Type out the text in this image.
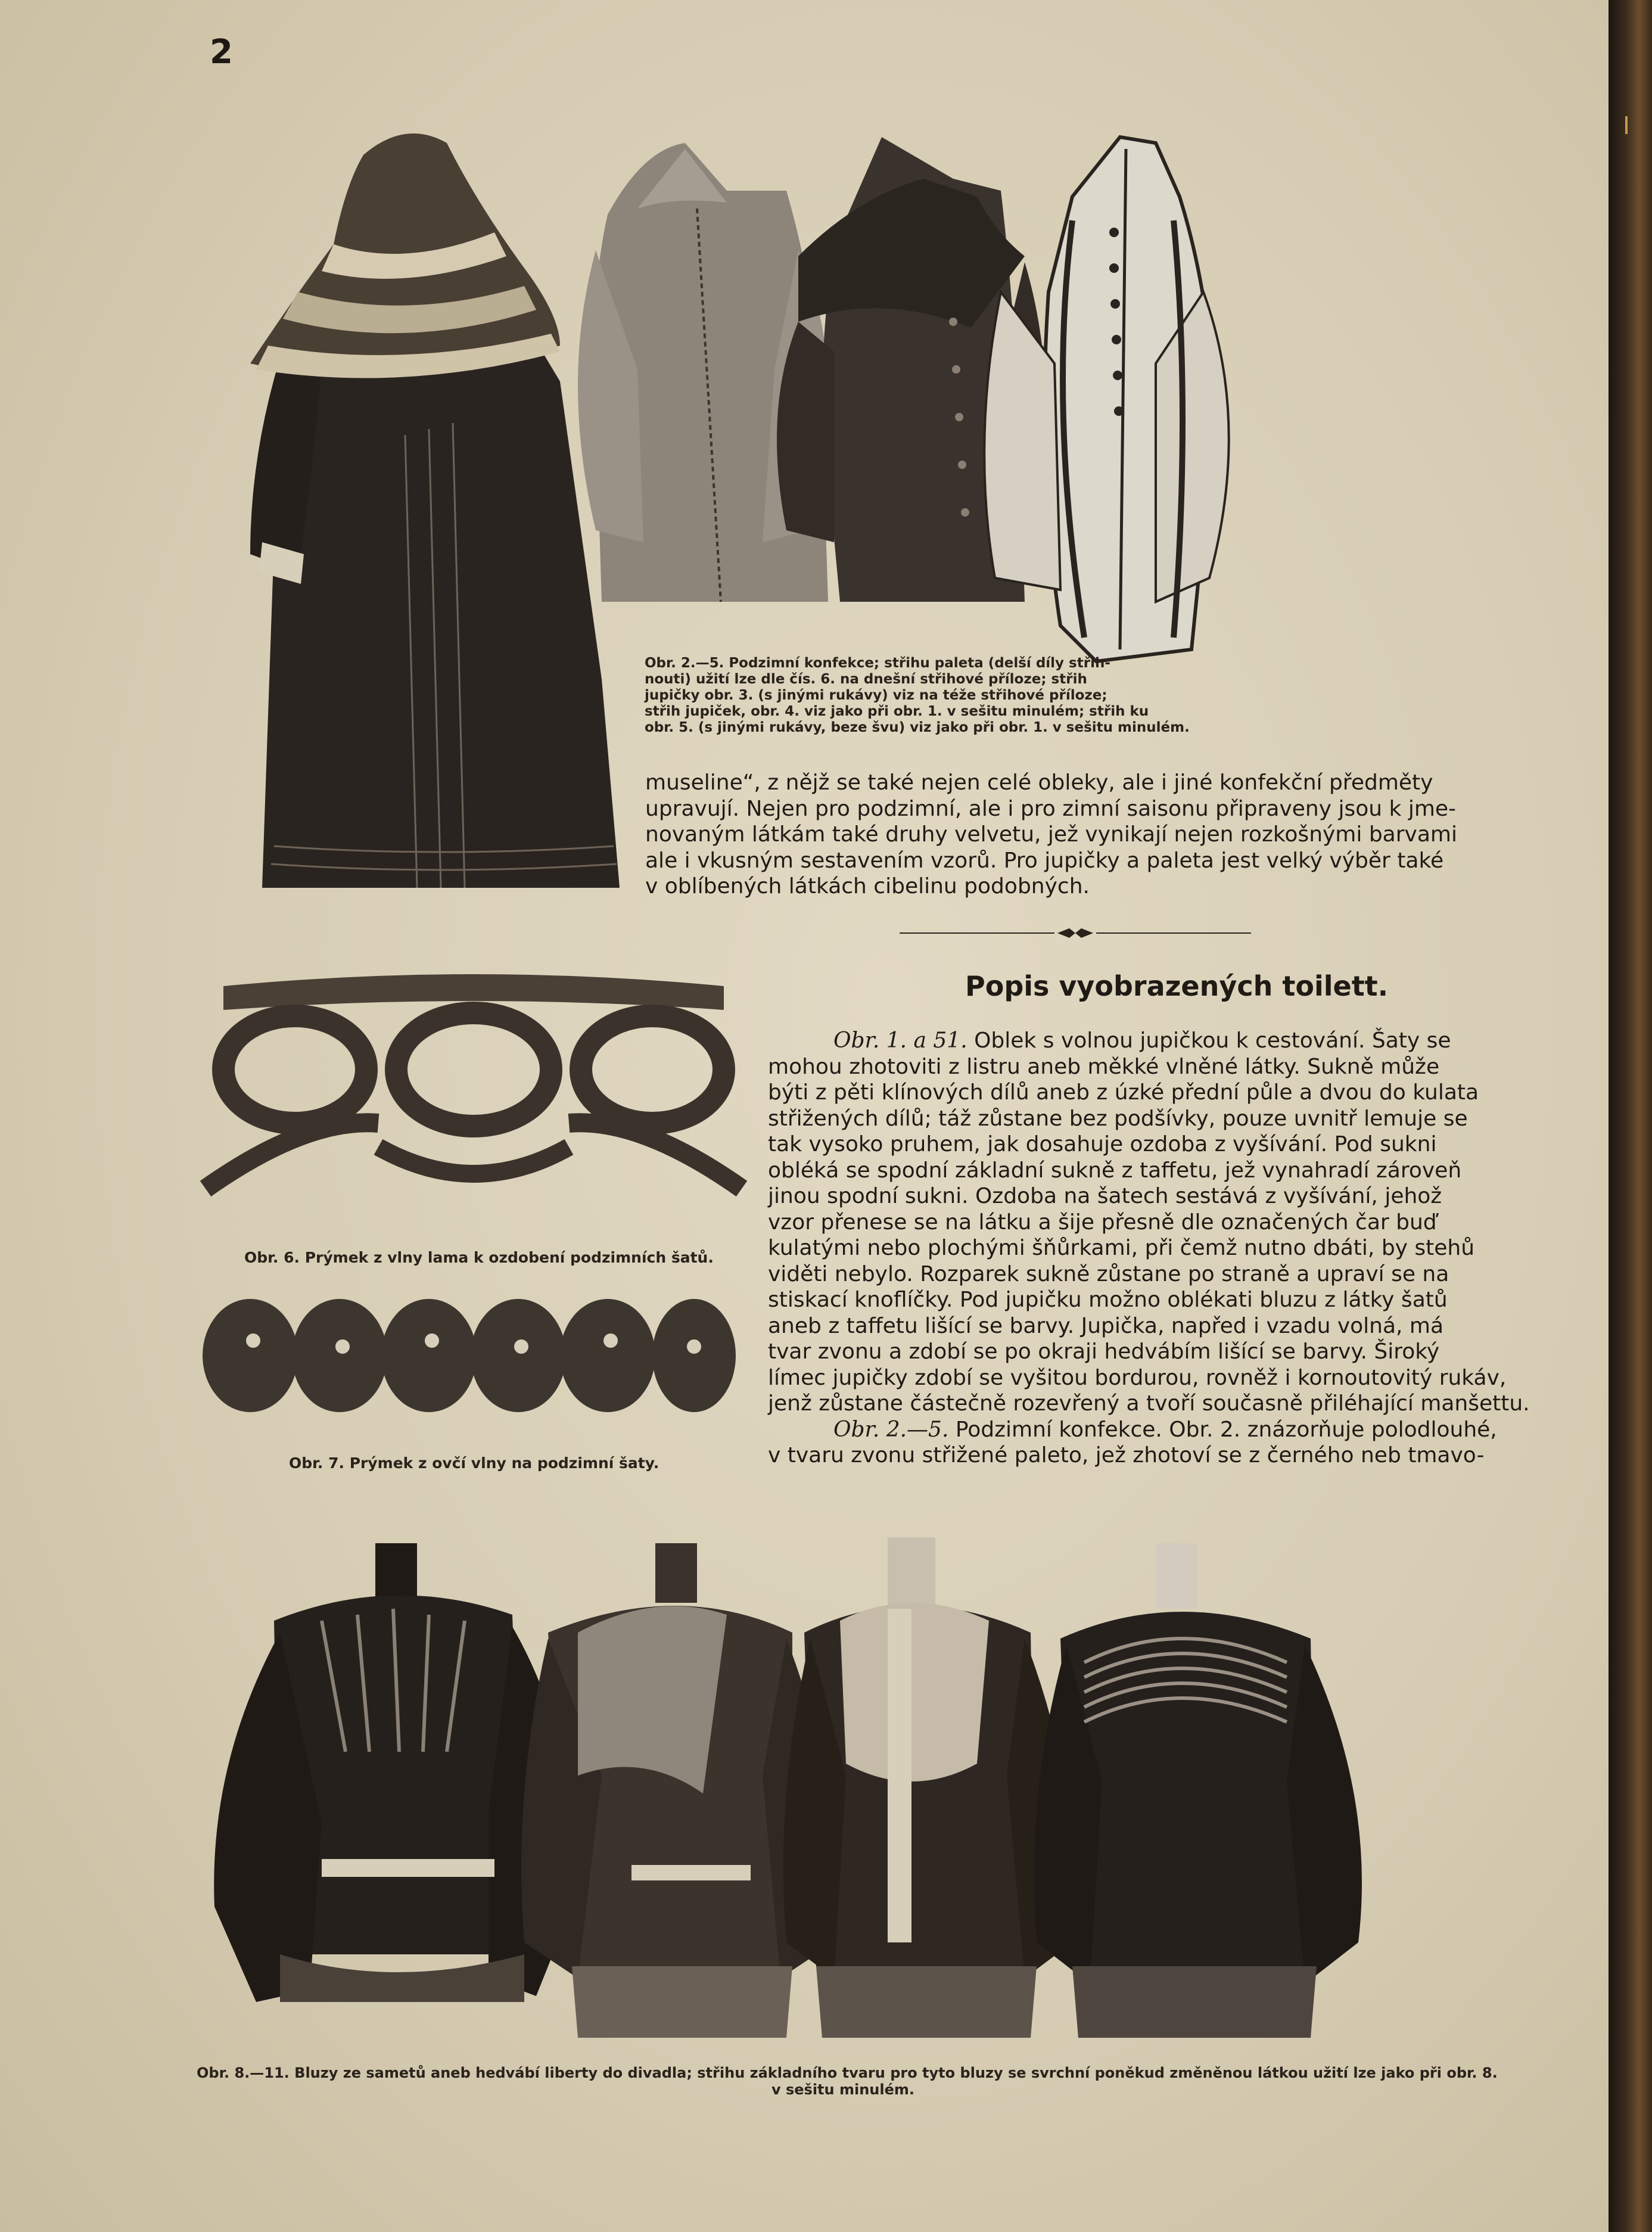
2
Obr. 2.—5. Podzimní konfekce; střihu paleta (delší díly střih-
nouti) užití lze dle čís. 6. na dnešní střihové příloze; střih
jupičky obr. 3. (s jinými rukávy) viz na téže střihové příloze;
střih jupiček, obr. 4. viz jako při obr. 1. v sešitu minulém; střih ku
obr. 5. (s jinými rukávy, beze švu) viz jako při obr. 1. v sešitu minulém.
museline“, z nějž se také nejen celé obleky, ale i jiné konfekční předměty
upravují. Nejen pro podzimní, ale i pro zimní saisonu připraveny jsou k jme-
novaným látkám také druhy velvetu, jež vynikají nejen rozkošnými barvami
ale i vkusným sestavením vzorů. Pro jupičky a paleta jest velký výběr také
v oblíbených látkách cibelinu podobných.
Obr. 6. Prýmek z vlny lama k ozdobení podzimních šatů.
Obr. 7. Prýmek z ovčí vlny na podzimní šaty.
Popis vyobrazených toilett.
Obr. 1. a 51. Oblek s volnou jupičkou k cestování. Šaty se
mohou zhotoviti z listru aneb měkké vlněné látky. Sukně může
býti z pěti klínových dílů aneb z úzké přední půle a dvou do kulata
střižených dílů; táž zůstane bez podšívky, pouze uvnitř lemuje se
tak vysoko pruhem, jak dosahuje ozdoba z vyšívání. Pod sukni
obléká se spodní základní sukně z taffetu, jež vynahradí zároveň
jinou spodní sukni. Ozdoba na šatech sestává z vyšívání, jehož
vzor přenese se na látku a šije přesně dle označených čar buď
kulatými nebo plochými šňůrkami, při čemž nutno dbáti, by stehů
viděti nebylo. Rozparek sukně zůstane po straně a upraví se na
stiskací knoflíčky. Pod jupičku možno oblékati bluzu z látky šatů
aneb z taffetu lišící se barvy. Jupička, napřed i vzadu volná, má
tvar zvonu a zdobí se po okraji hedvábím lišící se barvy. Široký
límec jupičky zdobí se vyšitou bordurou, rovněž i kornoutovitý rukáv,
jenž zůstane částečně rozevřený a tvoří současně přiléhající manšettu.
Obr. 2.—5. Podzimní konfekce. Obr. 2. znázorňuje polodlouhé,
v tvaru zvonu střižené paleto, jež zhotoví se z černého neb tmavo-
Obr. 8.—11. Bluzy ze sametů aneb hedvábí liberty do divadla; střihu základního tvaru pro tyto bluzy se svrchní poněkud změněnou látkou užití lze jako při obr. 8.
v sešitu minulém.
